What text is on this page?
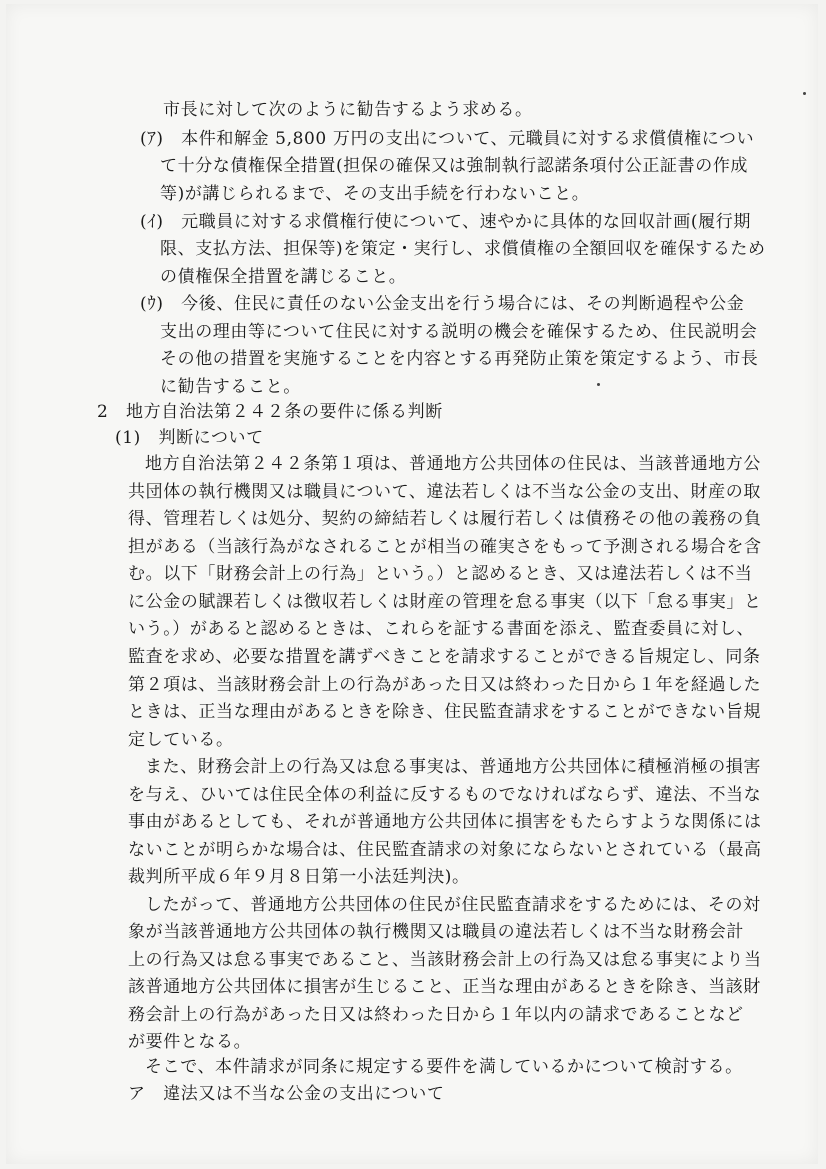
市長に対して次のように勧告するよう求める。
(ｱ)　本件和解金 5,800 万円の支出について、元職員に対する求償債権につい
て十分な債権保全措置(担保の確保又は強制執行認諾条項付公正証書の作成
等)が講じられるまで、その支出手続を行わないこと。
(ｲ)　元職員に対する求償権行使について、速やかに具体的な回収計画(履行期
限、支払方法、担保等)を策定・実行し、求償債権の全額回収を確保するため
の債権保全措置を講じること。
(ｳ)　今後、住民に責任のない公金支出を行う場合には、その判断過程や公金
支出の理由等について住民に対する説明の機会を確保するため、住民説明会
その他の措置を実施することを内容とする再発防止策を策定するよう、市長
に勧告すること。
2　地方自治法第２４２条の要件に係る判断
(1)　判断について
地方自治法第２４２条第１項は、普通地方公共団体の住民は、当該普通地方公
共団体の執行機関又は職員について、違法若しくは不当な公金の支出、財産の取
得、管理若しくは処分、契約の締結若しくは履行若しくは債務その他の義務の負
担がある（当該行為がなされることが相当の確実さをもって予測される場合を含
む。以下「財務会計上の行為」という。）と認めるとき、又は違法若しくは不当
に公金の賦課若しくは徴収若しくは財産の管理を怠る事実（以下「怠る事実」と
いう。）があると認めるときは、これらを証する書面を添え、監査委員に対し、
監査を求め、必要な措置を講ずべきことを請求することができる旨規定し、同条
第２項は、当該財務会計上の行為があった日又は終わった日から１年を経過した
ときは、正当な理由があるときを除き、住民監査請求をすることができない旨規
定している。
また、財務会計上の行為又は怠る事実は、普通地方公共団体に積極消極の損害
を与え、ひいては住民全体の利益に反するものでなければならず、違法、不当な
事由があるとしても、それが普通地方公共団体に損害をもたらすような関係には
ないことが明らかな場合は、住民監査請求の対象にならないとされている（最高
裁判所平成６年９月８日第一小法廷判決)。
したがって、普通地方公共団体の住民が住民監査請求をするためには、その対
象が当該普通地方公共団体の執行機関又は職員の違法若しくは不当な財務会計
上の行為又は怠る事実であること、当該財務会計上の行為又は怠る事実により当
該普通地方公共団体に損害が生じること、正当な理由があるときを除き、当該財
務会計上の行為があった日又は終わった日から１年以内の請求であることなど
が要件となる。
そこで、本件請求が同条に規定する要件を満しているかについて検討する。
ア　違法又は不当な公金の支出について
